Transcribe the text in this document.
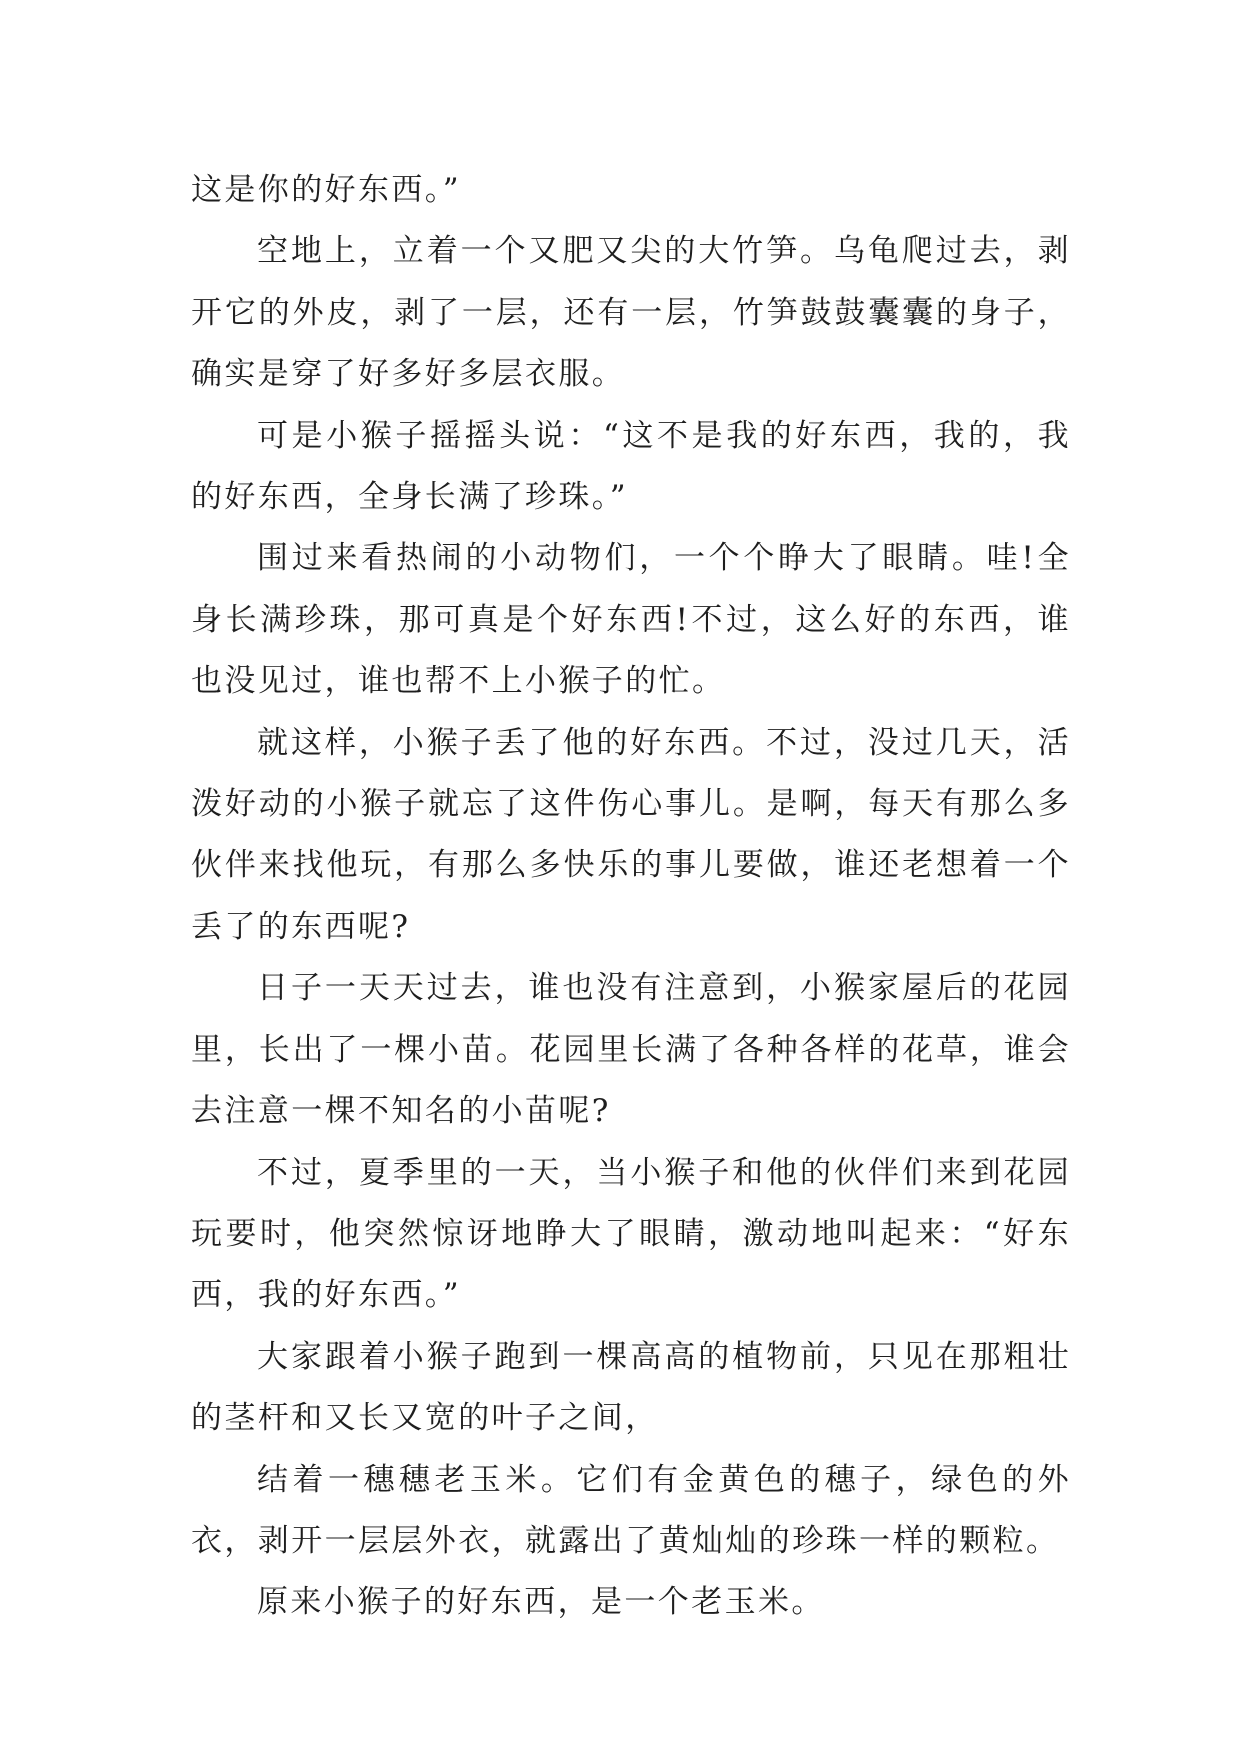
这是你的好东西。”

空地上，立着一个又肥又尖的大竹笋。乌龟爬过去，剥开它的外皮，剥了一层，还有一层，竹笋鼓鼓囊囊的身子，确实是穿了好多好多层衣服。

可是小猴子摇摇头说：“这不是我的好东西，我的，我的好东西，全身长满了珍珠。”

围过来看热闹的小动物们，一个个睁大了眼睛。哇!全身长满珍珠，那可真是个好东西!不过，这么好的东西，谁也没见过，谁也帮不上小猴子的忙。

就这样，小猴子丢了他的好东西。不过，没过几天，活泼好动的小猴子就忘了这件伤心事儿。是啊，每天有那么多伙伴来找他玩，有那么多快乐的事儿要做，谁还老想着一个丢了的东西呢?

日子一天天过去，谁也没有注意到，小猴家屋后的花园里，长出了一棵小苗。花园里长满了各种各样的花草，谁会去注意一棵不知名的小苗呢?

不过，夏季里的一天，当小猴子和他的伙伴们来到花园玩要时，他突然惊讶地睁大了眼睛，激动地叫起来：“好东西，我的好东西。”

大家跟着小猴子跑到一棵高高的植物前，只见在那粗壮的茎杆和又长又宽的叶子之间，

结着一穗穗老玉米。它们有金黄色的穗子，绿色的外衣，剥开一层层外衣，就露出了黄灿灿的珍珠一样的颗粒。

原来小猴子的好东西，是一个老玉米。
